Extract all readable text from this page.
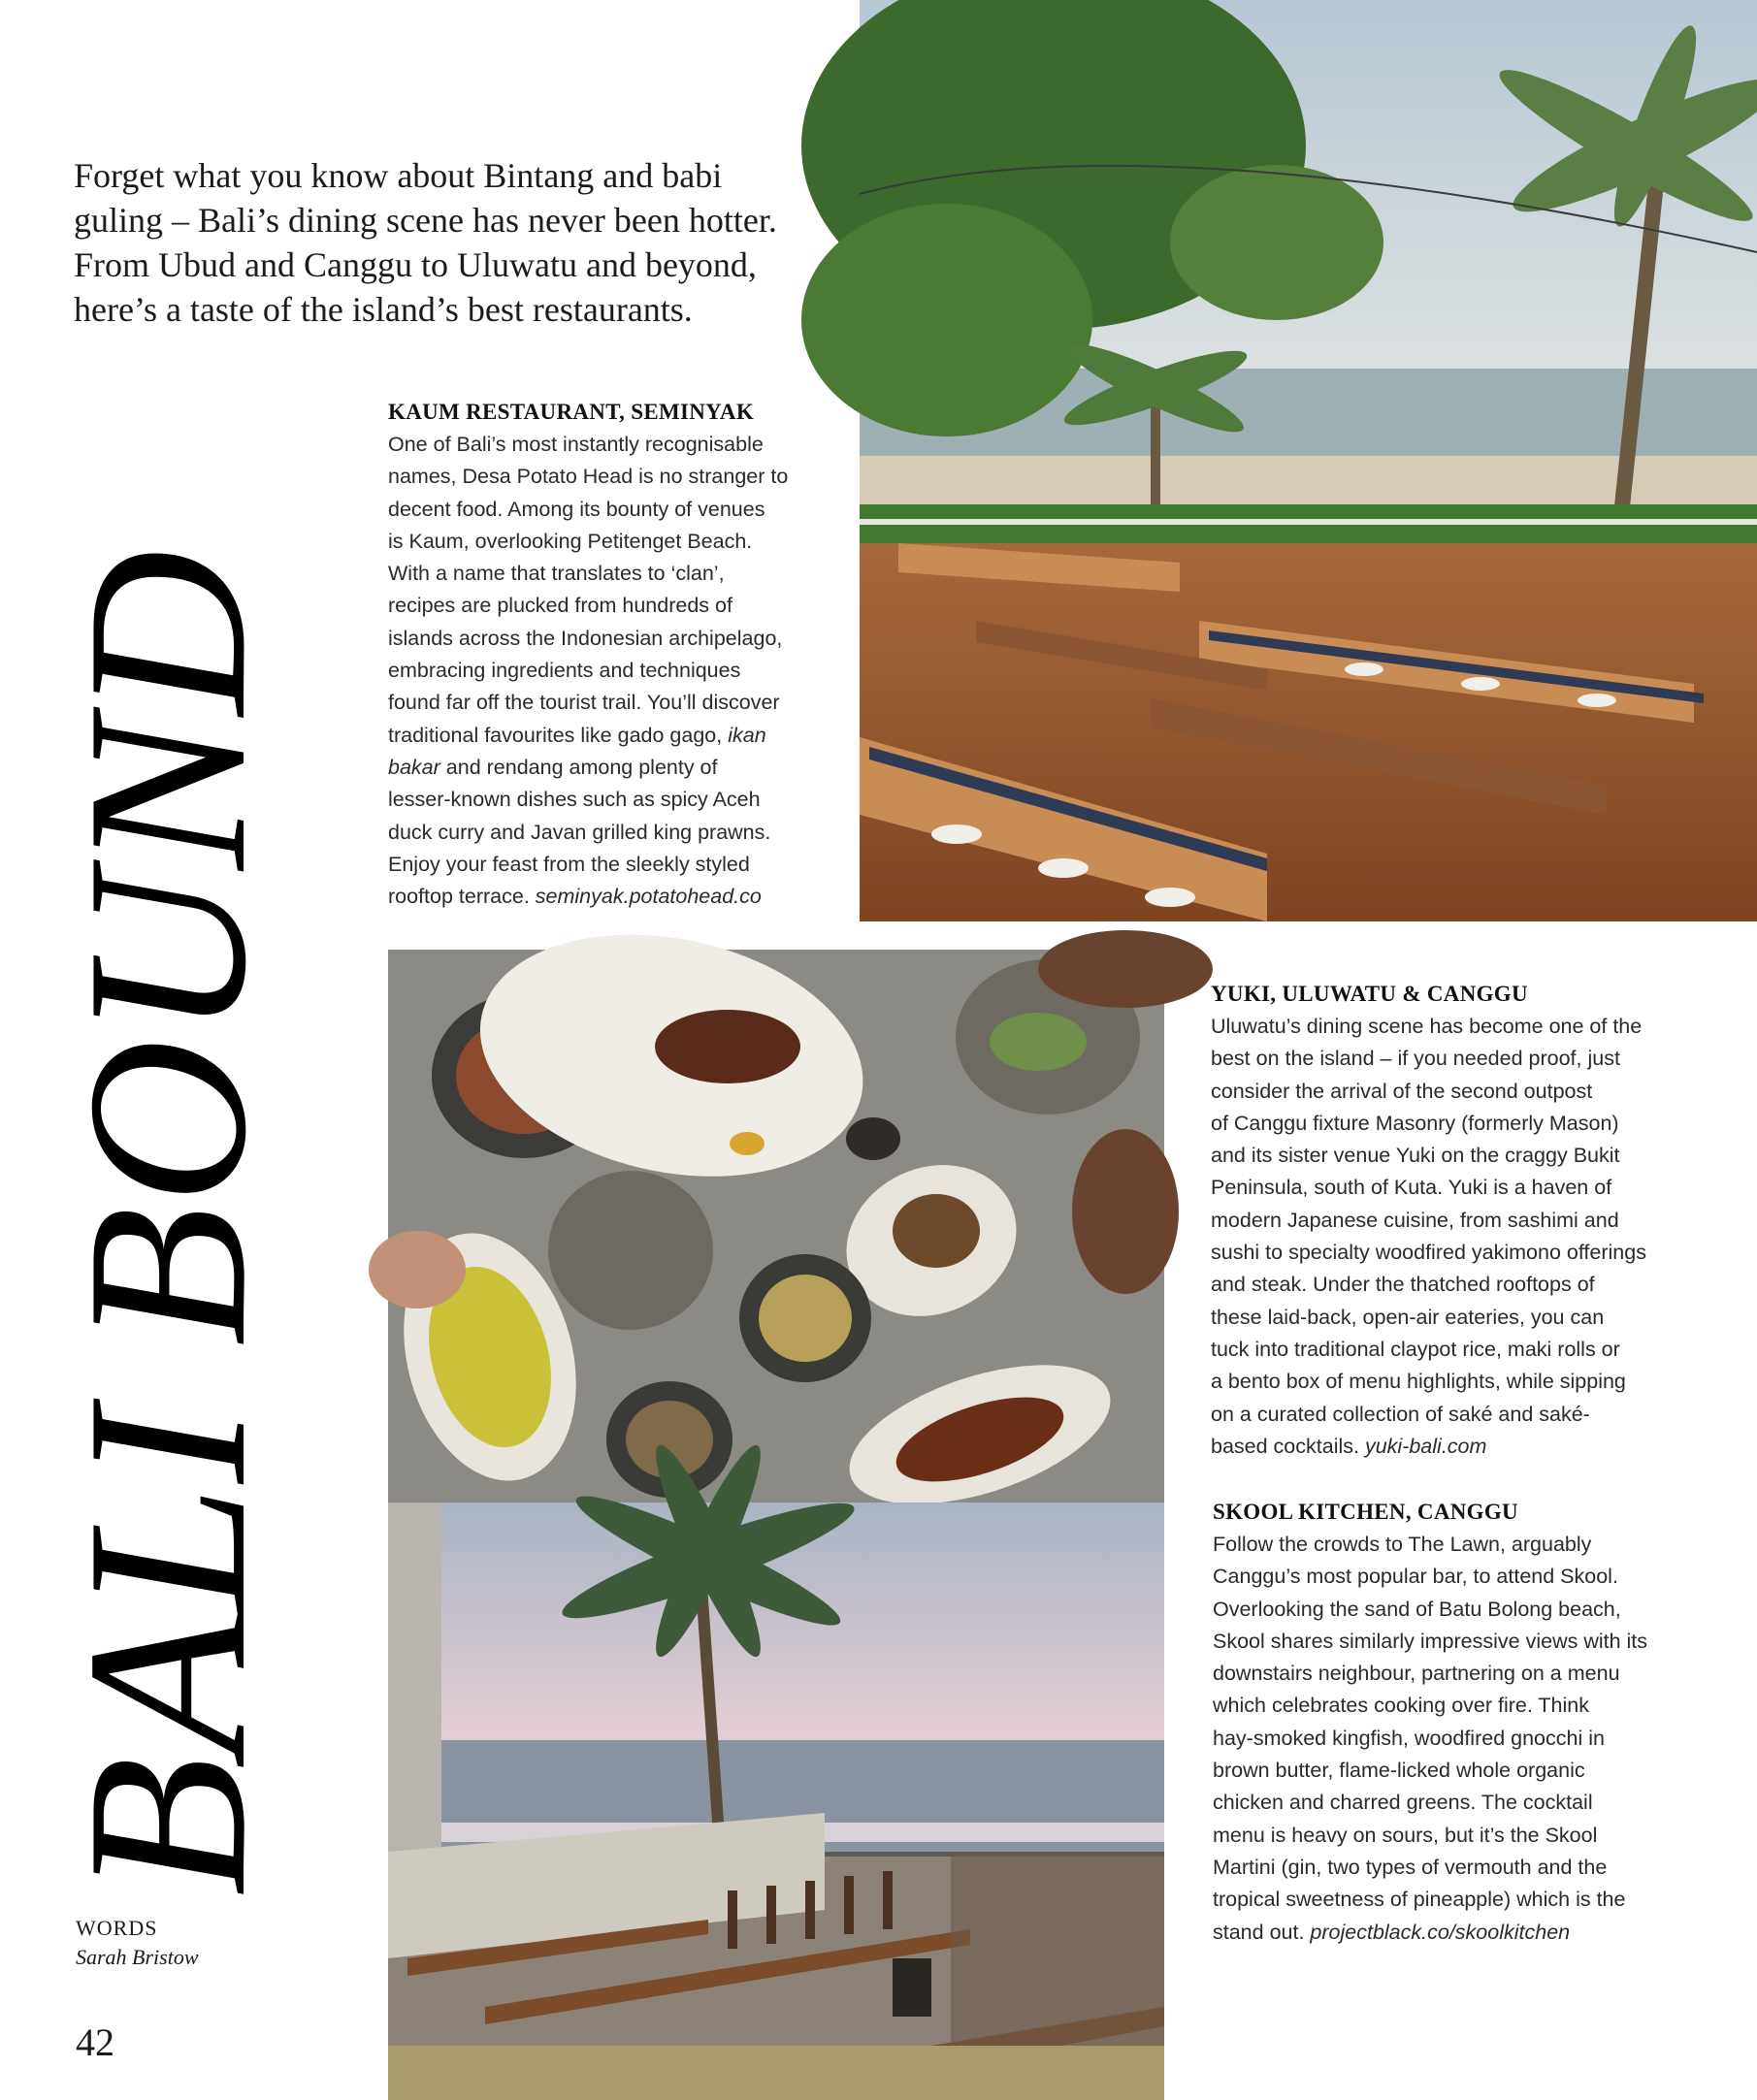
Forget what you know about Bintang and babi

guling – Bali’s dining scene has never been hotter.

From Ubud and Canggu to Uluwatu and beyond,

here’s a taste of the island’s best restaurants.

BALI BOUND
WORDS
Sarah Bristow
42
KAUM RESTAURANT, SEMINYAK

One of Bali’s most instantly recognisable

names, Desa Potato Head is no stranger to

decent food. Among its bounty of venues

is Kaum, overlooking Petitenget Beach.

With a name that translates to ‘clan’,

recipes are plucked from hundreds of

islands across the Indonesian archipelago,

embracing ingredients and techniques

found far off the tourist trail. You’ll discover

traditional favourites like gado gago, ikan

bakar and rendang among plenty of

lesser-known dishes such as spicy Aceh

duck curry and Javan grilled king prawns.

Enjoy your feast from the sleekly styled

rooftop terrace. seminyak.potatohead.co

YUKI, ULUWATU & CANGGU

Uluwatu’s dining scene has become one of the

best on the island – if you needed proof, just

consider the arrival of the second outpost

of Canggu fixture Masonry (formerly Mason)

and its sister venue Yuki on the craggy Bukit

Peninsula, south of Kuta. Yuki is a haven of

modern Japanese cuisine, from sashimi and

sushi to specialty woodfired yakimono offerings

and steak. Under the thatched rooftops of

these laid-back, open-air eateries, you can

tuck into traditional claypot rice, maki rolls or

a bento box of menu highlights, while sipping

on a curated collection of saké and saké-

based cocktails. yuki-bali.com

SKOOL KITCHEN, CANGGU

Follow the crowds to The Lawn, arguably

Canggu’s most popular bar, to attend Skool.

Overlooking the sand of Batu Bolong beach,

Skool shares similarly impressive views with its

downstairs neighbour, partnering on a menu

which celebrates cooking over fire. Think

hay-smoked kingfish, woodfired gnocchi in

brown butter, flame-licked whole organic

chicken and charred greens. The cocktail

menu is heavy on sours, but it’s the Skool

Martini (gin, two types of vermouth and the

tropical sweetness of pineapple) which is the

stand out. projectblack.co/skoolkitchen
